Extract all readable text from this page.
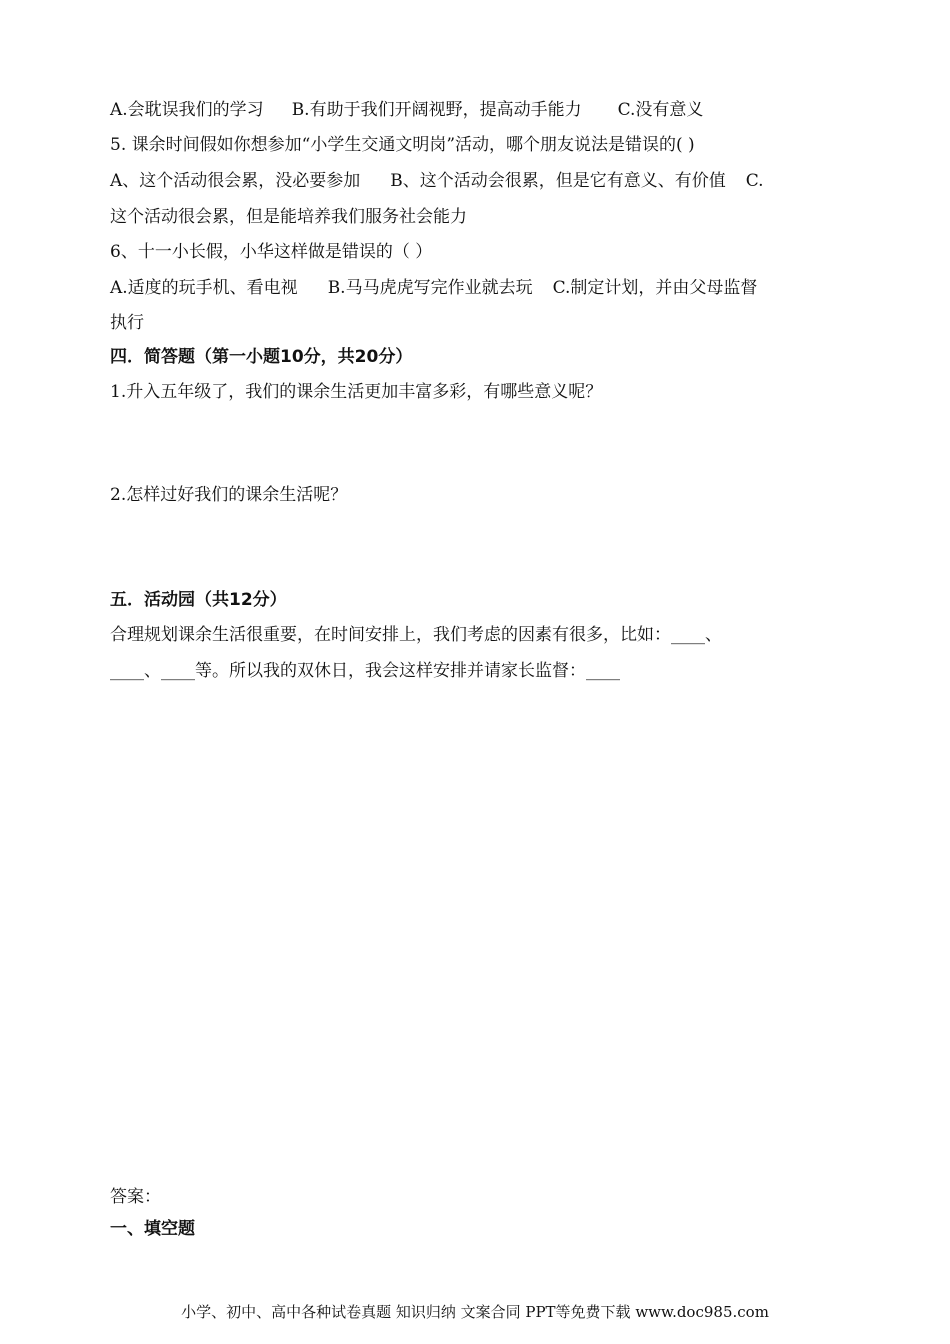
A.会耽误我们的学习 B.有助于我们开阔视野，提高动手能力 C.没有意义
5. 课余时间假如你想参加“小学生交通文明岗”活动，哪个朋友说法是错误的( )
A、这个活动很会累，没必要参加 B、这个活动会很累，但是它有意义、有价值 C.
这个活动很会累，但是能培养我们服务社会能力
6、十一小长假，小华这样做是错误的（ ）
A.适度的玩手机、看电视 B.马马虎虎写完作业就去玩 C.制定计划，并由父母监督
执行
四．简答题（第一小题10分，共20分）
1.升入五年级了，我们的课余生活更加丰富多彩，有哪些意义呢？
2.怎样过好我们的课余生活呢？
五．活动园（共12分）
合理规划课余生活很重要，在时间安排上，我们考虑的因素有很多，比如：____、
____、____等。所以我的双休日，我会这样安排并请家长监督：____
答案：
一、填空题
小学、初中、高中各种试卷真题 知识归纳 文案合同 PPT等免费下载 www.doc985.com
